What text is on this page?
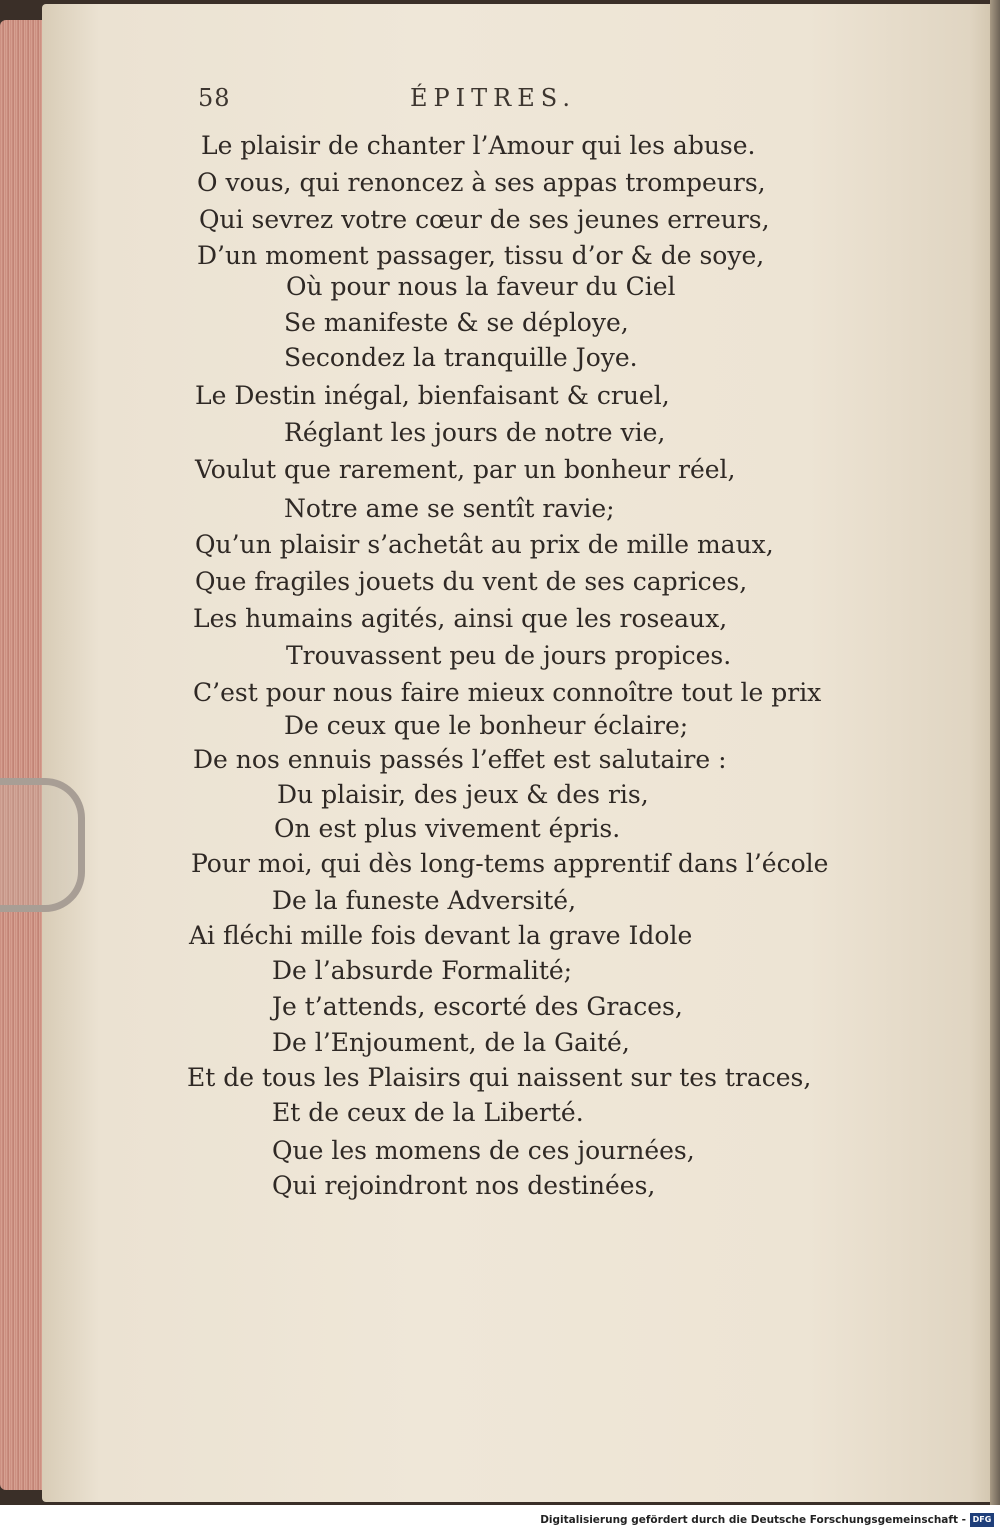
58	ÉPITRES.
Le plaisir de chanter l’Amour qui les abuse.
O vous, qui renoncez à ses appas trompeurs,
Qui sevrez votre cœur de ses jeunes erreurs,
D’un moment passager, tissu d’or & de soye,
Où pour nous la faveur du Ciel
Se manifeste & se déploye,
Secondez la tranquille Joye.
Le Destin inégal, bienfaisant & cruel,
Réglant les jours de notre vie,
Voulut que rarement, par un bonheur réel,
Notre ame se sentît ravie;
Qu’un plaisir s’achetât au prix de mille maux,
Que fragiles jouets du vent de ses caprices,
Les humains agités, ainsi que les roseaux,
Trouvassent peu de jours propices.
C’est pour nous faire mieux connoître tout le prix
De ceux que le bonheur éclaire;
De nos ennuis passés l’effet est salutaire :
Du plaisir, des jeux & des ris,
On est plus vivement épris.
Pour moi, qui dès long-tems apprentif dans l’école
De la funeste Adversité,
Ai fléchi mille fois devant la grave Idole
De l’absurde Formalité;
Je t’attends, escorté des Graces,
De l’Enjoument, de la Gaité,
Et de tous les Plaisirs qui naissent sur tes traces,
Et de ceux de la Liberté.
Que les momens de ces journées,
Qui rejoindront nos destinées,
Digitalisierung gefördert durch die Deutsche Forschungsgemeinschaft - DFG
